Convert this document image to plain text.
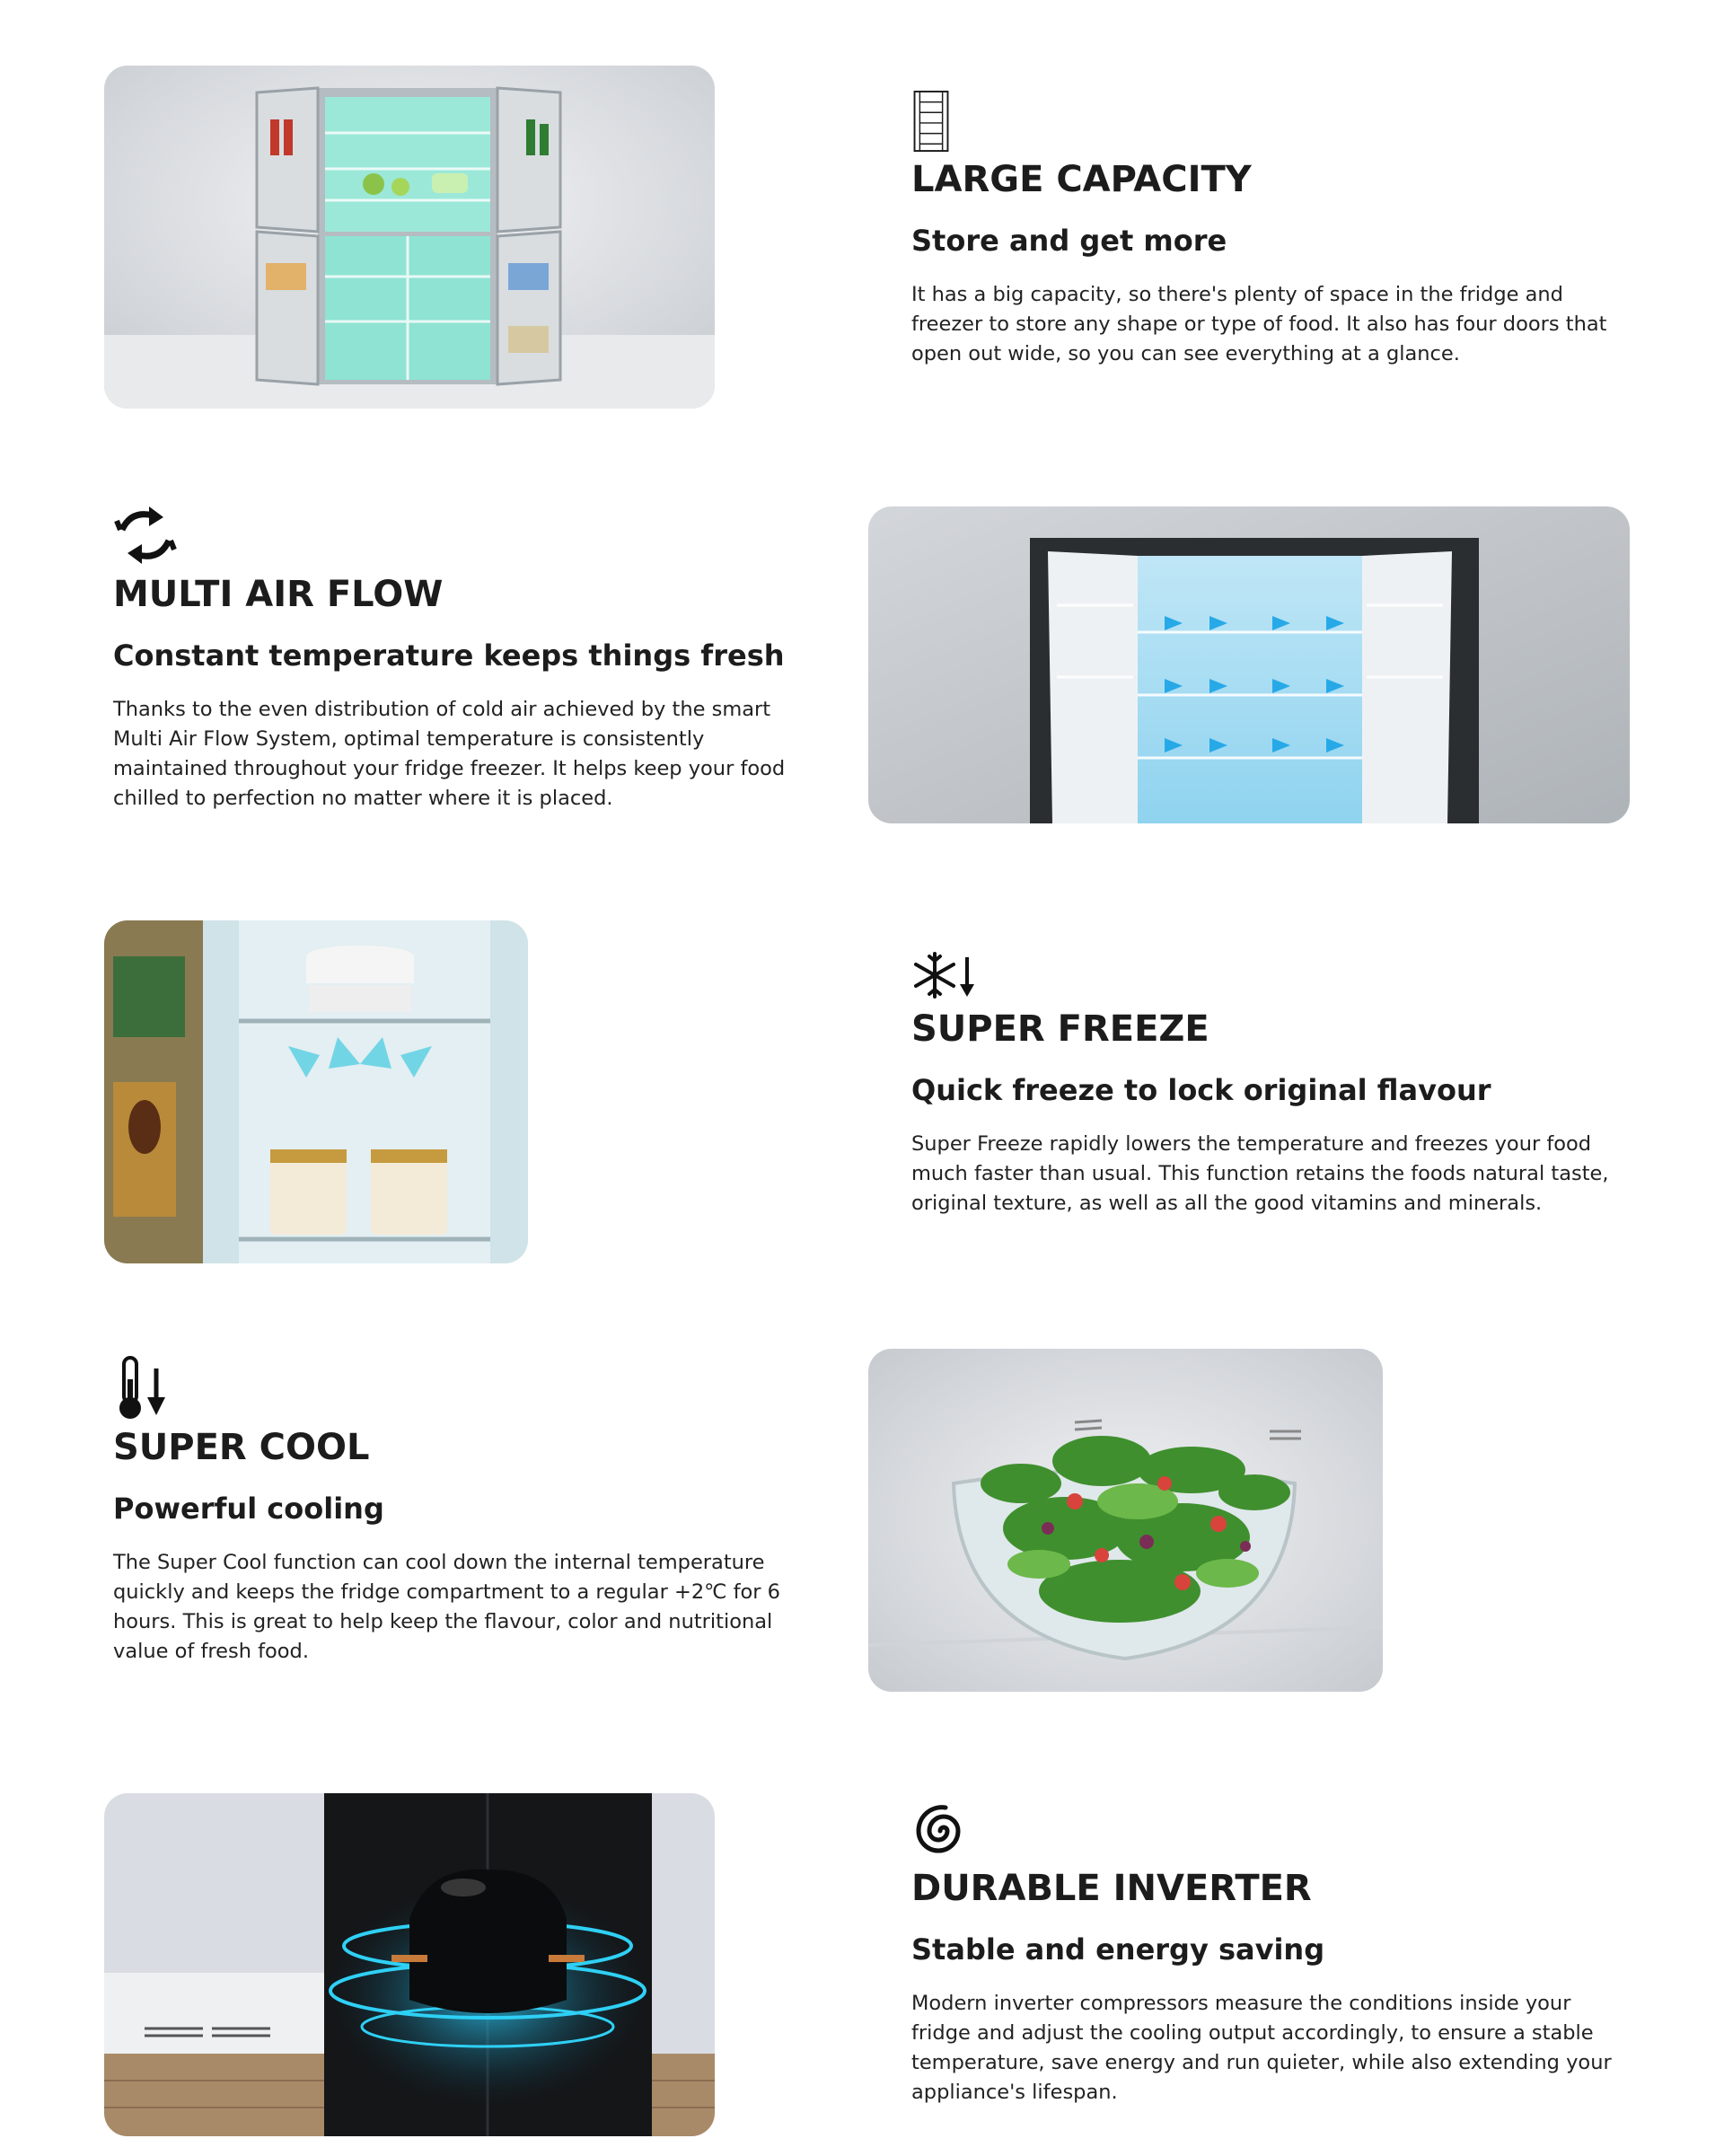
LARGE CAPACITY
Store and get more

It has a big capacity, so there's plenty of space in the fridge and freezer to store any shape or type of food. It also has four doors that open out wide, so you can see everything at a glance.

MULTI AIR FLOW
Constant temperature keeps things fresh

Thanks to the even distribution of cold air achieved by the smart Multi Air Flow System, optimal temperature is consistently maintained throughout your fridge freezer. It helps keep your food chilled to perfection no matter where it is placed.

SUPER FREEZE
Quick freeze to lock original flavour

Super Freeze rapidly lowers the temperature and freezes your food much faster than usual. This function retains the foods natural taste, original texture, as well as all the good vitamins and minerals.

SUPER COOL
Powerful cooling

The Super Cool function can cool down the internal temperature quickly and keeps the fridge compartment to a regular +2℃ for 6 hours. This is great to help keep the flavour, color and nutritional value of fresh food.

DURABLE INVERTER
Stable and energy saving

Modern inverter compressors measure the conditions inside your fridge and adjust the cooling output accordingly, to ensure a stable temperature, save energy and run quieter, while also extending your appliance's lifespan.
